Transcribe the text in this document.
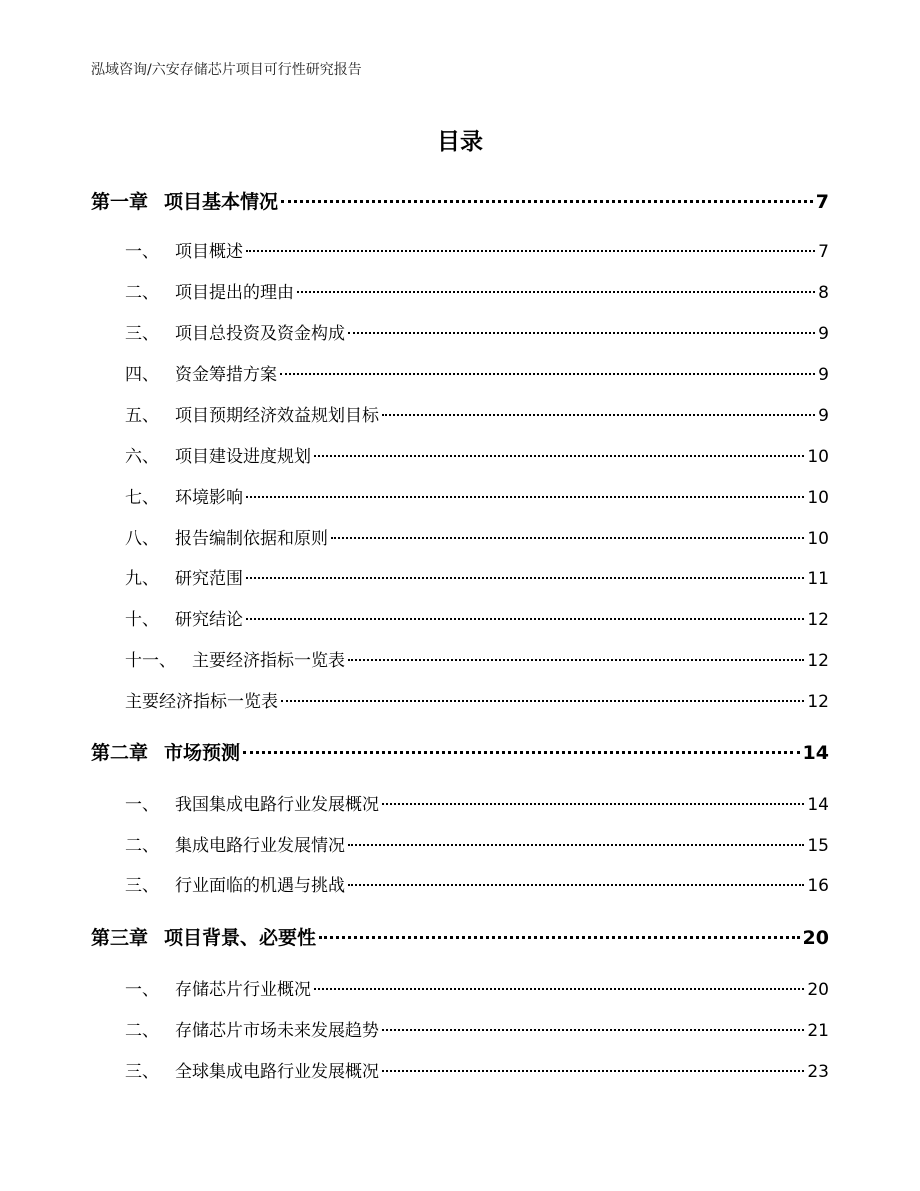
泓域咨询/六安存储芯片项目可行性研究报告
目录
第一章 项目基本情况	7
一、 项目概述	7
二、 项目提出的理由	8
三、 项目总投资及资金构成	9
四、 资金筹措方案	9
五、 项目预期经济效益规划目标	9
六、 项目建设进度规划	10
七、 环境影响	10
八、 报告编制依据和原则	10
九、 研究范围	11
十、 研究结论	12
十一、 主要经济指标一览表	12
主要经济指标一览表	12
第二章 市场预测	14
一、 我国集成电路行业发展概况	14
二、 集成电路行业发展情况	15
三、 行业面临的机遇与挑战	16
第三章 项目背景、必要性	20
一、 存储芯片行业概况	20
二、 存储芯片市场未来发展趋势	21
三、 全球集成电路行业发展概况	23
